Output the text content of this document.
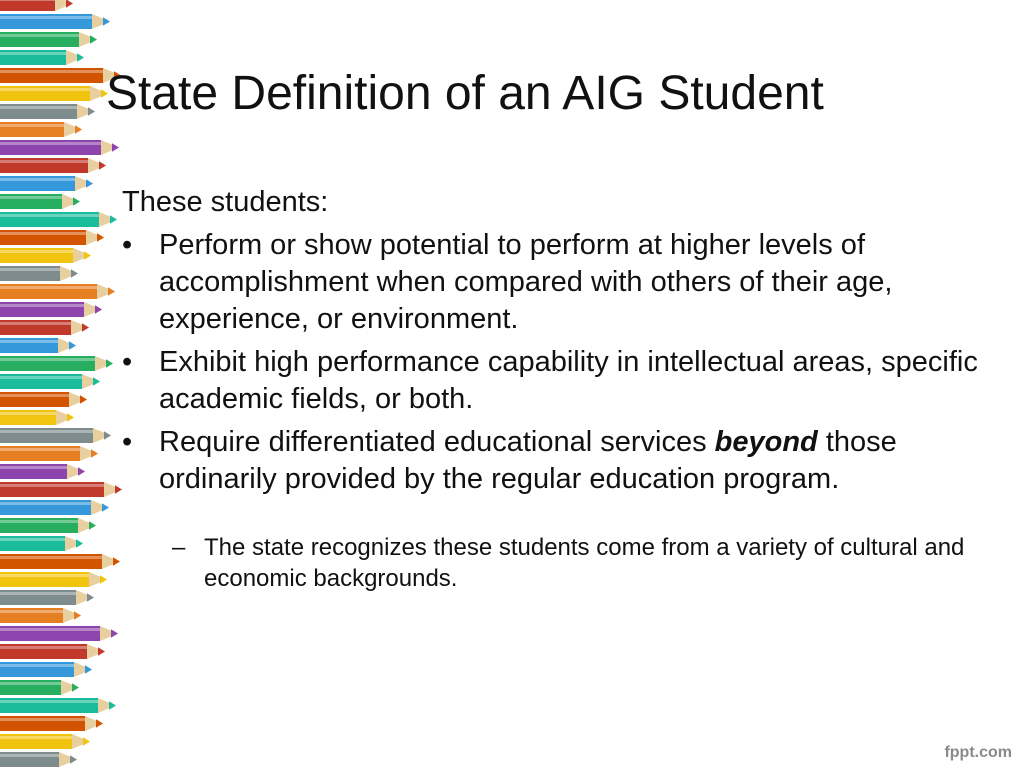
State Definition of an AIG Student

These students:

• Perform or show potential to perform at higher levels of accomplishment when compared with others of their age, experience, or environment.
• Exhibit high performance capability in intellectual areas, specific academic fields, or both.
• Require differentiated educational services beyond those ordinarily provided by the regular education program.
– The state recognizes these students come from a variety of cultural and economic backgrounds.
fppt.com
